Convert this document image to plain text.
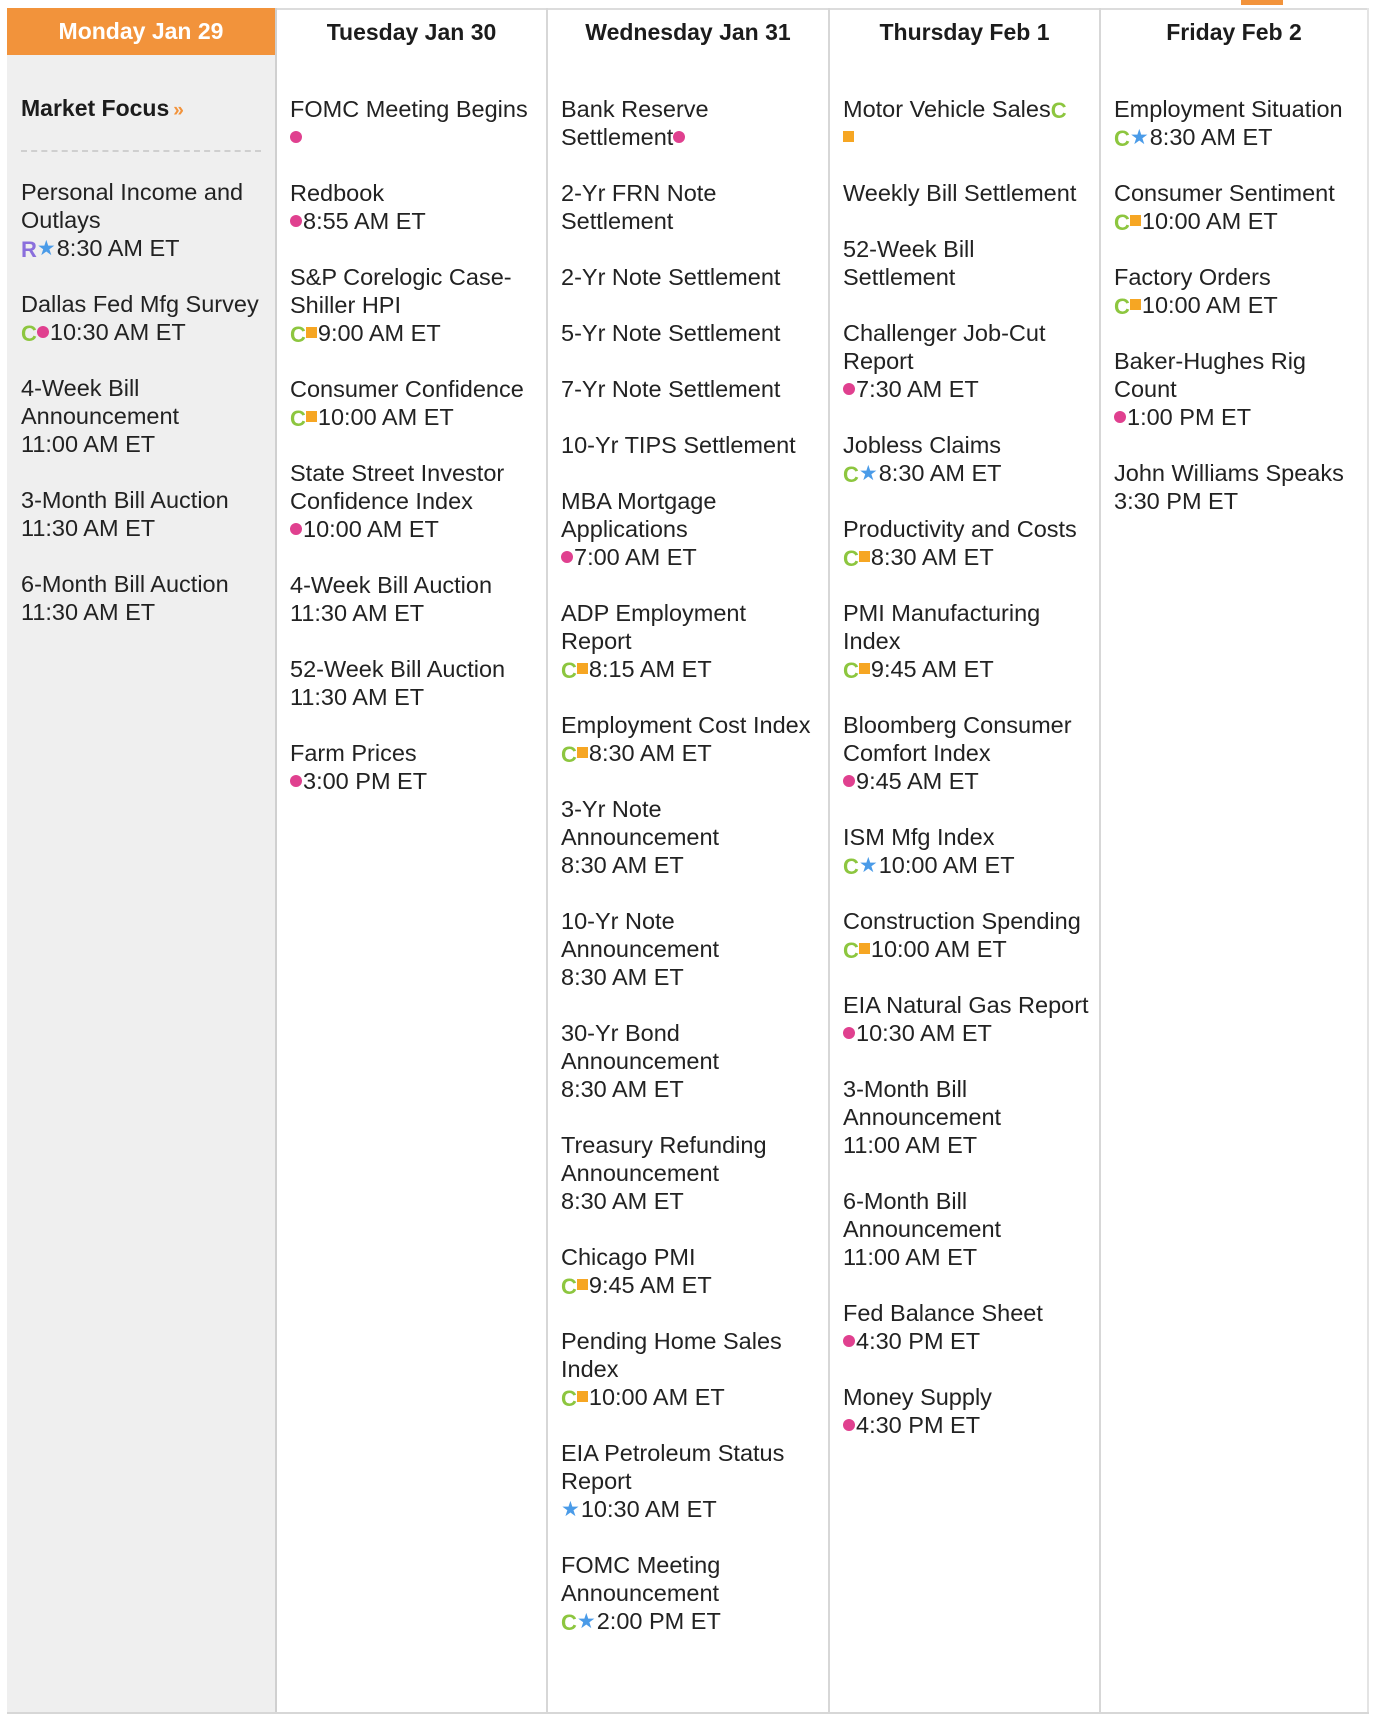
Monday Jan 29
Market Focus »
Personal Income and Outlays
R★8:30 AM ET
Dallas Fed Mfg Survey
C 10:30 AM ET
4-Week Bill Announcement
11:00 AM ET
3-Month Bill Auction
11:30 AM ET
6-Month Bill Auction
11:30 AM ET
Tuesday Jan 30
FOMC Meeting Begins
Redbook
8:55 AM ET
S&P Corelogic Case-Shiller HPI
C 9:00 AM ET
Consumer Confidence
C 10:00 AM ET
State Street Investor Confidence Index
10:00 AM ET
4-Week Bill Auction
11:30 AM ET
52-Week Bill Auction
11:30 AM ET
Farm Prices
3:00 PM ET
Wednesday Jan 31
Bank Reserve Settlement
2-Yr FRN Note Settlement
2-Yr Note Settlement
5-Yr Note Settlement
7-Yr Note Settlement
10-Yr TIPS Settlement
MBA Mortgage Applications
7:00 AM ET
ADP Employment Report
C 8:15 AM ET
Employment Cost Index
C 8:30 AM ET
3-Yr Note Announcement
8:30 AM ET
10-Yr Note Announcement
8:30 AM ET
30-Yr Bond Announcement
8:30 AM ET
Treasury Refunding Announcement
8:30 AM ET
Chicago PMI
C 9:45 AM ET
Pending Home Sales Index
C 10:00 AM ET
EIA Petroleum Status Report
★10:30 AM ET
FOMC Meeting Announcement
C★2:00 PM ET
Thursday Feb 1
Motor Vehicle SalesC
Weekly Bill Settlement
52-Week Bill Settlement
Challenger Job-Cut Report
7:30 AM ET
Jobless Claims
C★8:30 AM ET
Productivity and Costs
C 8:30 AM ET
PMI Manufacturing Index
C 9:45 AM ET
Bloomberg Consumer Comfort Index
9:45 AM ET
ISM Mfg Index
C★10:00 AM ET
Construction Spending
C 10:00 AM ET
EIA Natural Gas Report
10:30 AM ET
3-Month Bill Announcement
11:00 AM ET
6-Month Bill Announcement
11:00 AM ET
Fed Balance Sheet
4:30 PM ET
Money Supply
4:30 PM ET
Friday Feb 2
Employment Situation
C★8:30 AM ET
Consumer Sentiment
C 10:00 AM ET
Factory Orders
C 10:00 AM ET
Baker-Hughes Rig Count
1:00 PM ET
John Williams Speaks
3:30 PM ET
